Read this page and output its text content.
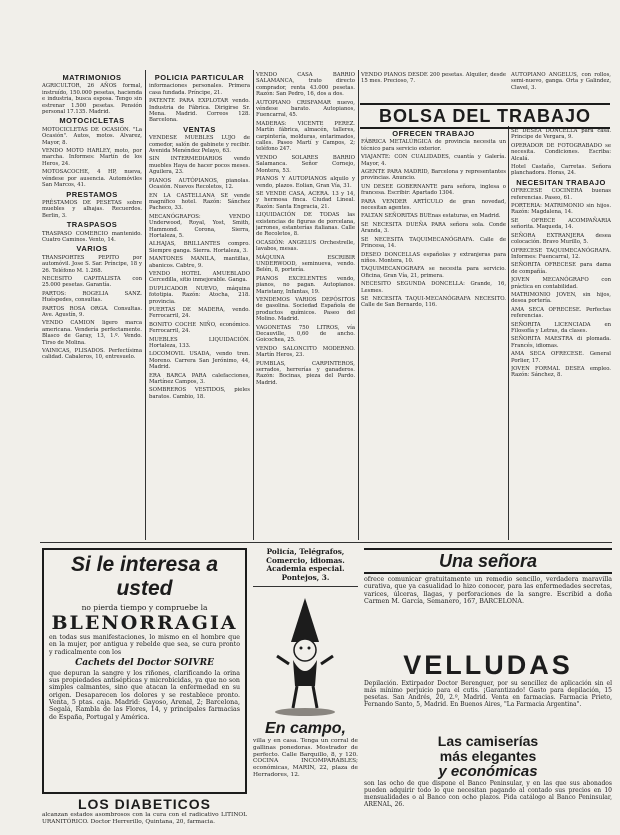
MATRIMONIOS

AGRICULTOR, 26 AÑOS formal, instruído, 150.000 pesetas, hacienda e industria, busca esposa. Tengo sin estrenar 1.500 pesetas. Pensión personal 17.135. Madrid.

MOTOCICLETAS

MOTOCICLETAS DE OCASIÓN. "La Ocasión". Autos, motos. Alvarez, Mayor, 8.

VENDO MOTO HARLEY, moto, por marcha. Informes: Martín de los Heros, 24.

MOTOSACOCHE, 4 HP, nueva, véndese por ausencia. Automóviles San Marcos, 41.

PRESTAMOS

PRÉSTAMOS DE PESETAS sobre muebles y alhajas. Recuerdos. Berlin, 3.

TRASPASOS

TRASPASO COMERCIO mantenido. Cuatro Caminos. Vento, 14.

VARIOS

TRANSPORTES PEPITO por automóvil. Jose S. Sar. Príncipe, 18 y 26. Teléfono M. 1.268.

NECESITO CAPITALISTA con 25.000 pesetas. Garantía.

PARTOS: ROGELIA SANZ. Huéspedes, consultas.

PARTOS ROSA ORGA. Consultas. Ave. Agustín, 9.

VENDO CAMION ligero marca americana. Vendería perfectamente. Blasco de Garay, 13, 1.º. Vendo. Tirso de Molina.

VAINICAS, PLISADOS. Perfectísima calidad. Cabaleros, 10, entresuelo.

POLICIA PARTICULAR

informaciones personales. Primera casa fundada. Príncipe, 21.

PATENTE PARA EXPLOTAR vendo. Industria de Fábrica. Dirigirse Sr. Mena. Madrid. Correos 128. Barcelona.

VENTAS

VENDESE MUEBLES LUJO de comedor, salón de gabinete y recibir. Avenida Menéndez Pelayo, 63.

SIN INTERMEDIARIOS vendo muebles Haya de hacer pocos meses. Aguilera, 23.

PIANOS AUTÓPIANOS, pianolas. Ocasión. Nuevos Recoletos, 12.

EN LA CASTELLANA SE vende magnífico hotel. Razón: Sánchez Pacheco, 33.

MECANÓGRAFOS: VENDO Underwood, Royal, Yost, Smith, Hammond. Corona, Sierra, Hortaleza, 5.

ALHAJAS, BRILLANTES compro. Siempre ganga. Sierra. Hortaleza, 3.

MANTONES MANILA, mantillas, abanicos. Cabtre, 9.

VENDO HOTEL AMUEBLADO Cercedilla, sitio inmejorable. Ganga.

DUPLICADOR NUEVO, máquina fototipia. Razón: Atocha, 218. provincia.

PUERTAS DE MADERA, vendo. Ferrocarril, 24.

BONITO COCHE NIÑO, económico. Ferrocarril, 24.

MUEBLES LIQUIDACIÓN. Hortaleza, 133.

LOCOMOVIL USADA, vendo tren. Moreno. Carrera San Jerónimo, 44, Madrid.

ERA BARCA PARA calefacciones, Martínez Campos, 3.

SOMBREROS VESTIDOS, pieles baratos. Cambio, 18.

VENDO CASA BARRIO SALAMANCA, trato directo comprador, renta 43.000 pesetas. Razón: San Pedro, 16, dos a dos.

AUTOPIANO CRISFAMAR nuevo, véndese barato. Autopianos, Fuencarral, 45.

MADERAS: VICENTE PEREZ. Martín fábrica, almacén, talleres, carpintería, molduras, entarimados, calles. Paseo Martí y Campos, 2; teléfono 247.

VENDO SOLARES BARRIO Salamanca. Señor Cornejo, Montera, 53.

PIANOS Y AUTOPIANOS alquilo y vendo, plazos. Eolian, Gran Vía, 31.

SE VENDE CASA, ACERA. 13 y 14, y hermosa finca. Ciudad Lineal. Razón: Santa Engracia, 21.

LIQUIDACIÓN DE TODAS las existencias de figuras de porcelana, jarrones, estanterías italianas. Calle de Recoletos, 8.

OCASIÓN: ANGELUS Orchestrelle, lavabos, mesas.

MÁQUINA ESCRIBIR UNDERWOOD, seminueva, vendo. Belén, 8, portería.

PIANOS EXCELENTES vendo, pianos, no pagan. Autopianos. Maristany, Infantas, 19.

VENDEMOS VARIOS DEPÓSITOS de gasolina. Sociedad Española de productos químicos. Paseo del Molino. Madrid.

VAGONETAS 750 LITROS, vía Decauville, 0,60 de ancho. Goicochea, 25.

VENDO SALONCITO MODERNO. Martín Heros, 23.

PUMBLAS, CARPINTEROS, serrados, herrerías y ganaderos. Razón: Bocinas, pieza del Pardo. Madrid.

VENDO PIANOS DESDE 200 pesetas. Alquiler, desde 15 mes. Precioso, 7.

AUTOPIANO ANGELUS, con rollos, semi-nuevo, ganga. Orta y Galindez, Clavel, 3.

BOLSA DEL TRABAJO
OFRECEN TRABAJO

FÁBRICA METALÚRGICA de provincia necesita un técnico para servicio exterior.

VIAJANTE: CON CUALIDADES, cuantía y Galería. Mayor, 4.

AGENTE PARA MADRID, Barcelona y representantes provincias. Anuncio.

UN DESEE GOBERNANTE para señora, inglesa o francesa. Escribir: Apartado 1304.

PARA VENDER ARTÍCULO de gran novedad, necesitan agentes.

FALTAN SEÑORITAS BUEnas estaturas, en Madrid.

SE NECESITA DUEÑA PARA señora sola. Conde Aranda, 3.

SE NECESITA TAQUIMECANÓGRAFA. Calle de Princesa, 14.

DESEO DONCELLAS españolas y extranjeras para niños. Montera, 10.

TAQUIMECANOGRAFA se necesita para servicio. Oficina, Gran Vía, 21, primera.

NECESITO SEGUNDA DONCELLA: Grande, 16, Lesmes.

SE NECESITA TAQUI-MECANÓGRAFA NECESITO. Calle de San Bernardo, 116.

SE DESEA DONCELLA para casa. Principe de Vergara, 9.

OPERADOR DE FOTOGRABADO se necesita. Condiciones. Escriba: Alcalá.

Hotel Castaño, Carretas. Señora planchadora. Horas, 24.

NECESITAN TRABAJO

OFRECESE COCINERA buenas referencias. Paseo, 61.

PORTERIA: MATRIMONIO sin hijos. Razón: Magdalena, 14.

SE OFRECE ACOMPAÑARIA señorita. Maqueda, 14.

SEÑORA EXTRANJERA desea colocación. Bravo Murillo, 5.

OFRECESE TAQUIMECANÓGRAFA. Informes: Fuencarral, 12.

SEÑORITA OFRECESE para dama de compañía.

JOVEN MECANÓGRAFO con práctica en contabilidad.

MATRIMONIO JOVEN, sin hijos, desea portería.

AMA SECA OFRECESE. Perfectas referencias.

SEÑORITA LICENCIADA en Filosofía y Letras, da clases.

SEÑORITA MAESTRA di plomada. Francés, idiomas.

AMA SECA OFRECESE. General Porlier, 17.

JOVEN FORMAL DESEA empleo. Razón: Sánchez, 8.

Si le interesa a usted
no pierda tiempo y compruebe la
BLENORRAGIA

en todas sus manifestaciones, lo mismo en el hombre que en la mujer, por antigua y rebelde que sea, se cura pronto y radicalmente con los

Cachets del Doctor SOIVRE

que depuran la sangre y los riñones, clarificando la orina sus propiedades antisépticas y microbicidas, ya que no son simples calmantes, sino que atacan la enfermedad en su origen. Desaparecen los dolores y se restablece pronto. Venta, 5 ptas. caja. Madrid: Gayoso, Arenal, 2; Barcelona, Segalá, Rambla de las Flores, 14, y principales farmacias de España, Portugal y América.

LOS DIABETICOS

alcanzan estados asombrosos con la cura con el radicativo LITINOL URANITÓRICO. Doctor Herrerillo, Quintana, 20, farmacia.

Policía, Telégrafos, Comercio, idiomas. Academia especial. Pontejos, 3.

En campo,

villa y en casa. Tenga un corral de gallinas ponedoras. Mostrador de perfecto. Calle Barquillo, 8, y 120. COCINA INCOMPARABLES; económicas, MARIN, 22, plaza de Herradores, 12.

Una señora

ofrece comunicar gratuitamente un remedio sencillo, verdadera maravilla curativa, que ya casualidad lo hizo conocer, para las enfermedades secretas, varices, úlceras, llagas, y perforaciones de la sangre. Escribid a doña Carmen M. García, Semanero, 167, BARCELONA.

VELLUDAS

Depilación. Extirpador Doctor Berenguer, por su sencillez de aplicación sin el más mínimo perjuicio para el cutis. ¡Garantizado! Gasto para depilación, 15 pesetas. San Andrés, 20, 2.º, Madrid. Venta en farmacias. Farmacia Prieto, Fernando Santo, 5, Madrid. En Buenos Aires, "La Farmacia Argentina".

Las camiserías
más elegantes
y económicas

son las ocho de que dispone el Banco Peninsular, y en las que sus abonados pueden adquirir todo lo que necesitan pagando al contado sus precios en 10 mensualidades o al Banco con ocho plazos. Pida catálogo al Banco Peninsular, ARENAL, 26.
